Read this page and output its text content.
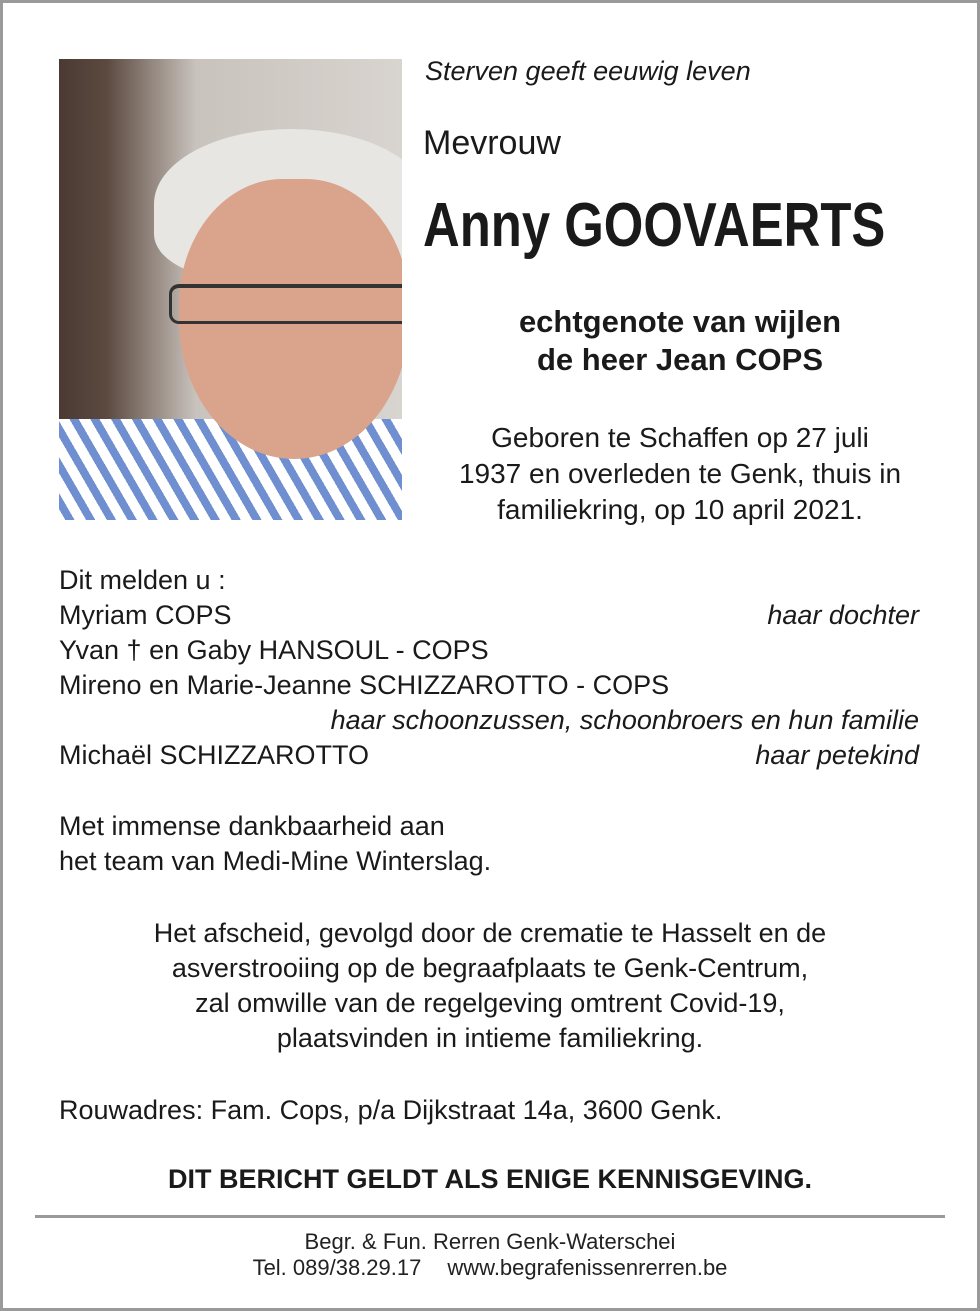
Sterven geeft eeuwig leven
Mevrouw
Anny GOOVAERTS
echtgenote van wijlen
de heer Jean COPS
Geboren te Schaffen op 27 juli
1937 en overleden te Genk, thuis in
familiekring, op 10 april 2021.
Dit melden u :
Myriam COPS	haar dochter
Yvan † en Gaby HANSOUL - COPS
Mireno en Marie-Jeanne SCHIZZAROTTO - COPS
haar schoonzussen, schoonbroers en hun familie
Michaël SCHIZZAROTTO	haar petekind
Met immense dankbaarheid aan
het team van Medi-Mine Winterslag.
Het afscheid, gevolgd door de crematie te Hasselt en de
asverstrooiing op de begraafplaats te Genk-Centrum,
zal omwille van de regelgeving omtrent Covid-19,
plaatsvinden in intieme familiekring.
Rouwadres: Fam. Cops, p/a Dijkstraat 14a, 3600 Genk.
DIT BERICHT GELDT ALS ENIGE KENNISGEVING.
Begr. & Fun. Rerren Genk-Waterschei
Tel. 089/38.29.17 www.begrafenissenrerren.be
